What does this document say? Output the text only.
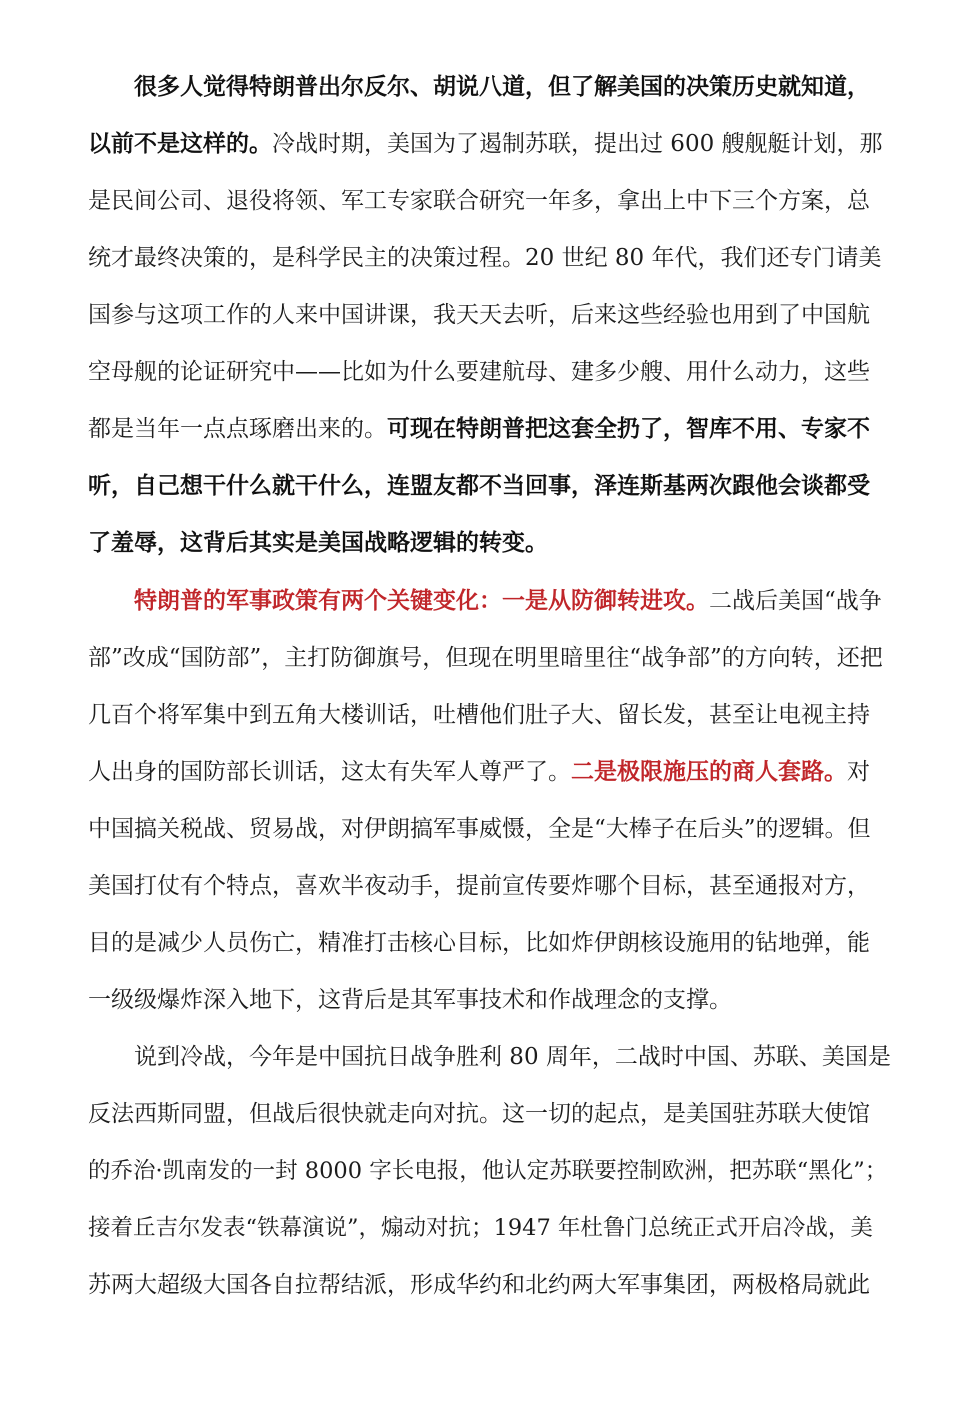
很多人觉得特朗普出尔反尔、胡说八道，但了解美国的决策历史就知道，
以前不是这样的。冷战时期，美国为了遏制苏联，提出过 600 艘舰艇计划，那
是民间公司、退役将领、军工专家联合研究一年多，拿出上中下三个方案，总
统才最终决策的，是科学民主的决策过程。20 世纪 80 年代，我们还专门请美
国参与这项工作的人来中国讲课，我天天去听，后来这些经验也用到了中国航
空母舰的论证研究中——比如为什么要建航母、建多少艘、用什么动力，这些
都是当年一点点琢磨出来的。可现在特朗普把这套全扔了，智库不用、专家不
听，自己想干什么就干什么，连盟友都不当回事，泽连斯基两次跟他会谈都受
了羞辱，这背后其实是美国战略逻辑的转变。
特朗普的军事政策有两个关键变化：一是从防御转进攻。二战后美国“战争
部”改成“国防部”，主打防御旗号，但现在明里暗里往“战争部”的方向转，还把
几百个将军集中到五角大楼训话，吐槽他们肚子大、留长发，甚至让电视主持
人出身的国防部长训话，这太有失军人尊严了。二是极限施压的商人套路。对
中国搞关税战、贸易战，对伊朗搞军事威慑，全是“大棒子在后头”的逻辑。但
美国打仗有个特点，喜欢半夜动手，提前宣传要炸哪个目标，甚至通报对方，
目的是减少人员伤亡，精准打击核心目标，比如炸伊朗核设施用的钻地弹，能
一级级爆炸深入地下，这背后是其军事技术和作战理念的支撑。
说到冷战，今年是中国抗日战争胜利 80 周年，二战时中国、苏联、美国是
反法西斯同盟，但战后很快就走向对抗。这一切的起点，是美国驻苏联大使馆
的乔治·凯南发的一封 8000 字长电报，他认定苏联要控制欧洲，把苏联“黑化”；
接着丘吉尔发表“铁幕演说”，煽动对抗；1947 年杜鲁门总统正式开启冷战，美
苏两大超级大国各自拉帮结派，形成华约和北约两大军事集团，两极格局就此
